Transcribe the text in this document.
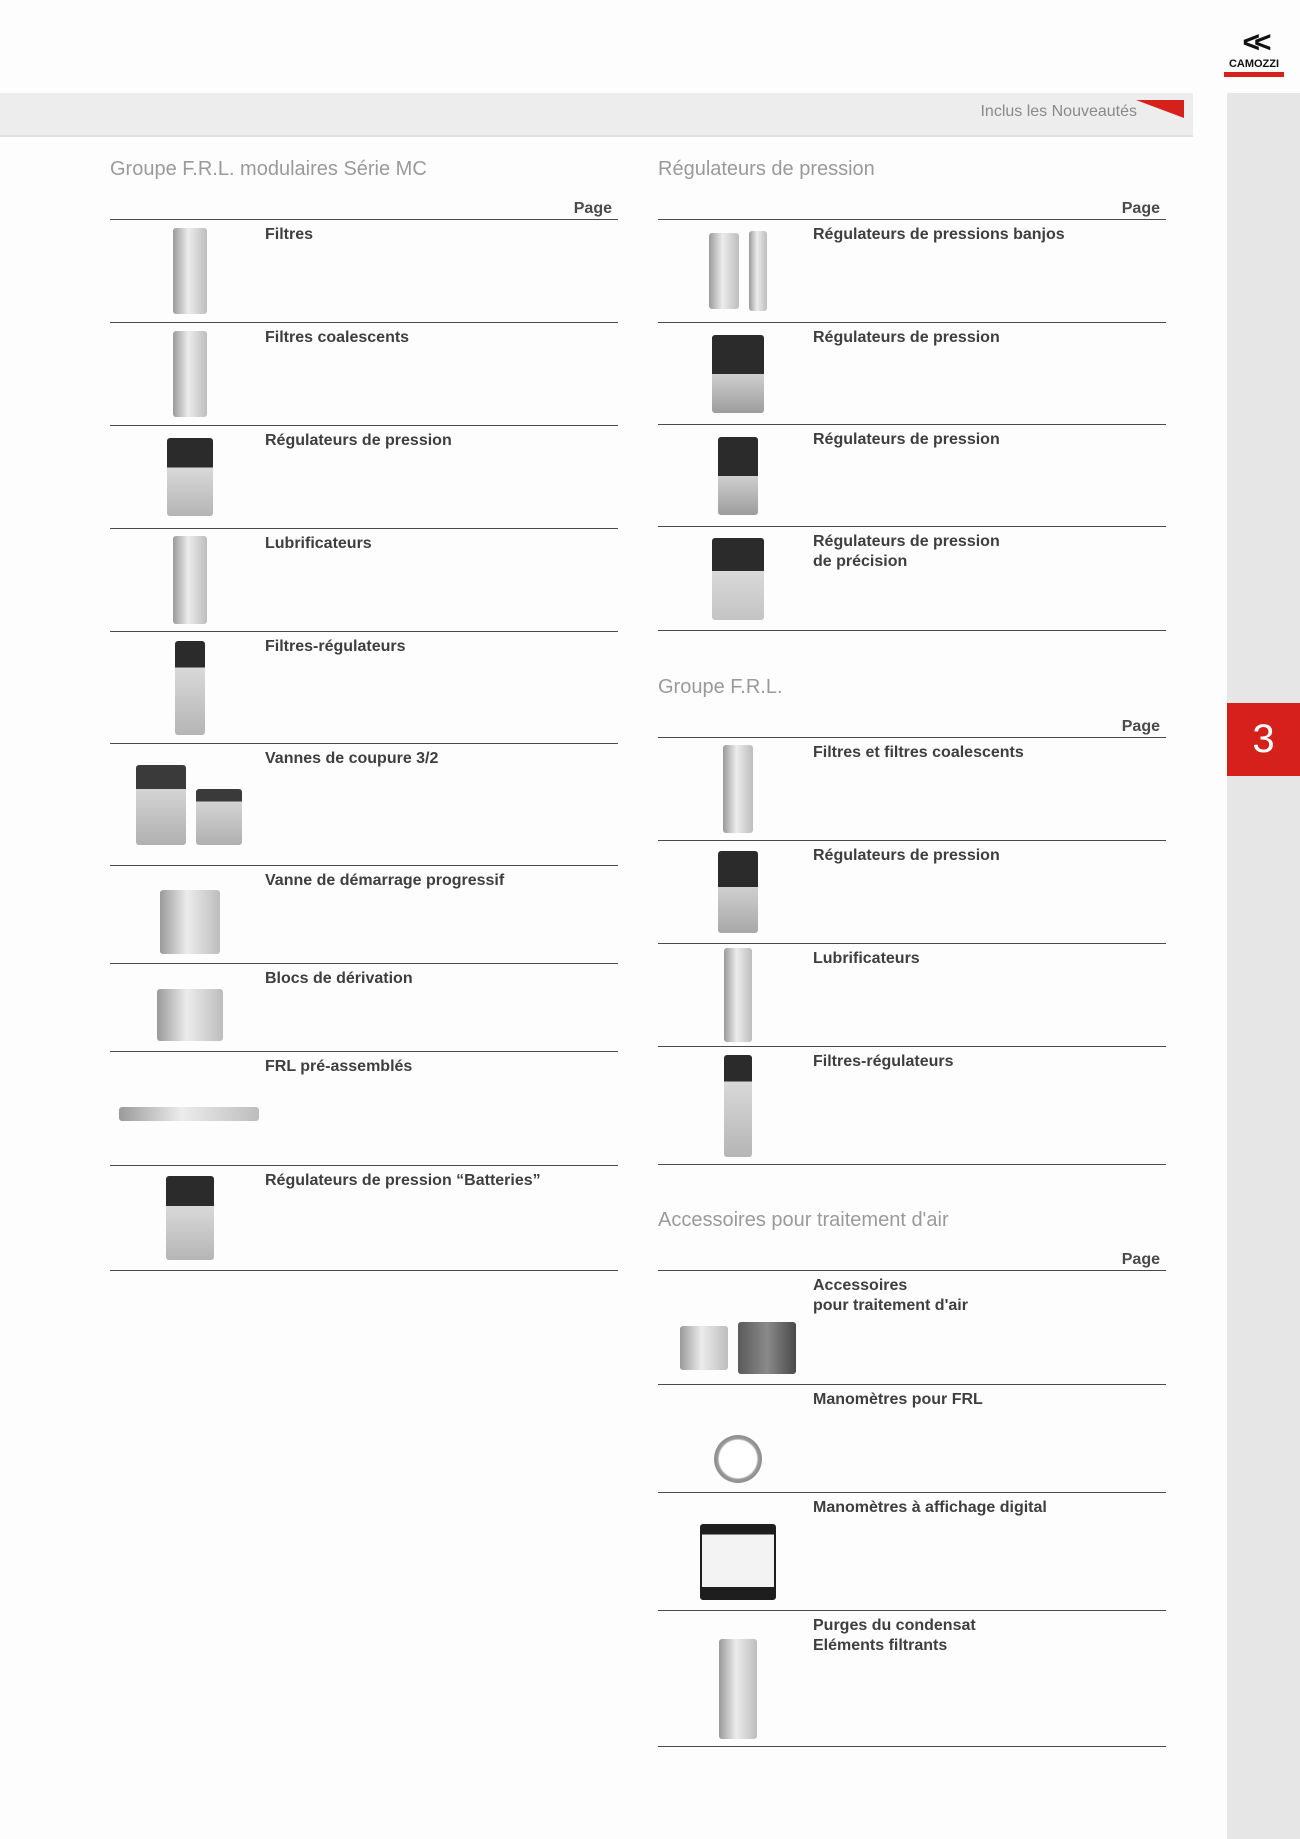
3
<<
CAMOZZI
Inclus les Nouveautés
Groupe F.R.L. modulaires Série MC
Page
Filtres
Filtres coalescents
Régulateurs de pression
Lubrificateurs
Filtres-régulateurs
Vannes de coupure 3/2
Vanne de démarrage progressif
Blocs de dérivation
FRL pré-assemblés
Régulateurs de pression “Batteries”
Régulateurs de pression
Page
Régulateurs de pressions banjos
Régulateurs de pression
Régulateurs de pression
Régulateurs de pression
de précision
Groupe F.R.L.
Page
Filtres et filtres coalescents
Régulateurs de pression
Lubrificateurs
Filtres-régulateurs
Accessoires pour traitement d'air
Page
Accessoires
pour traitement d'air
Manomètres pour FRL
Manomètres à affichage digital
Purges du condensat
Eléments filtrants
